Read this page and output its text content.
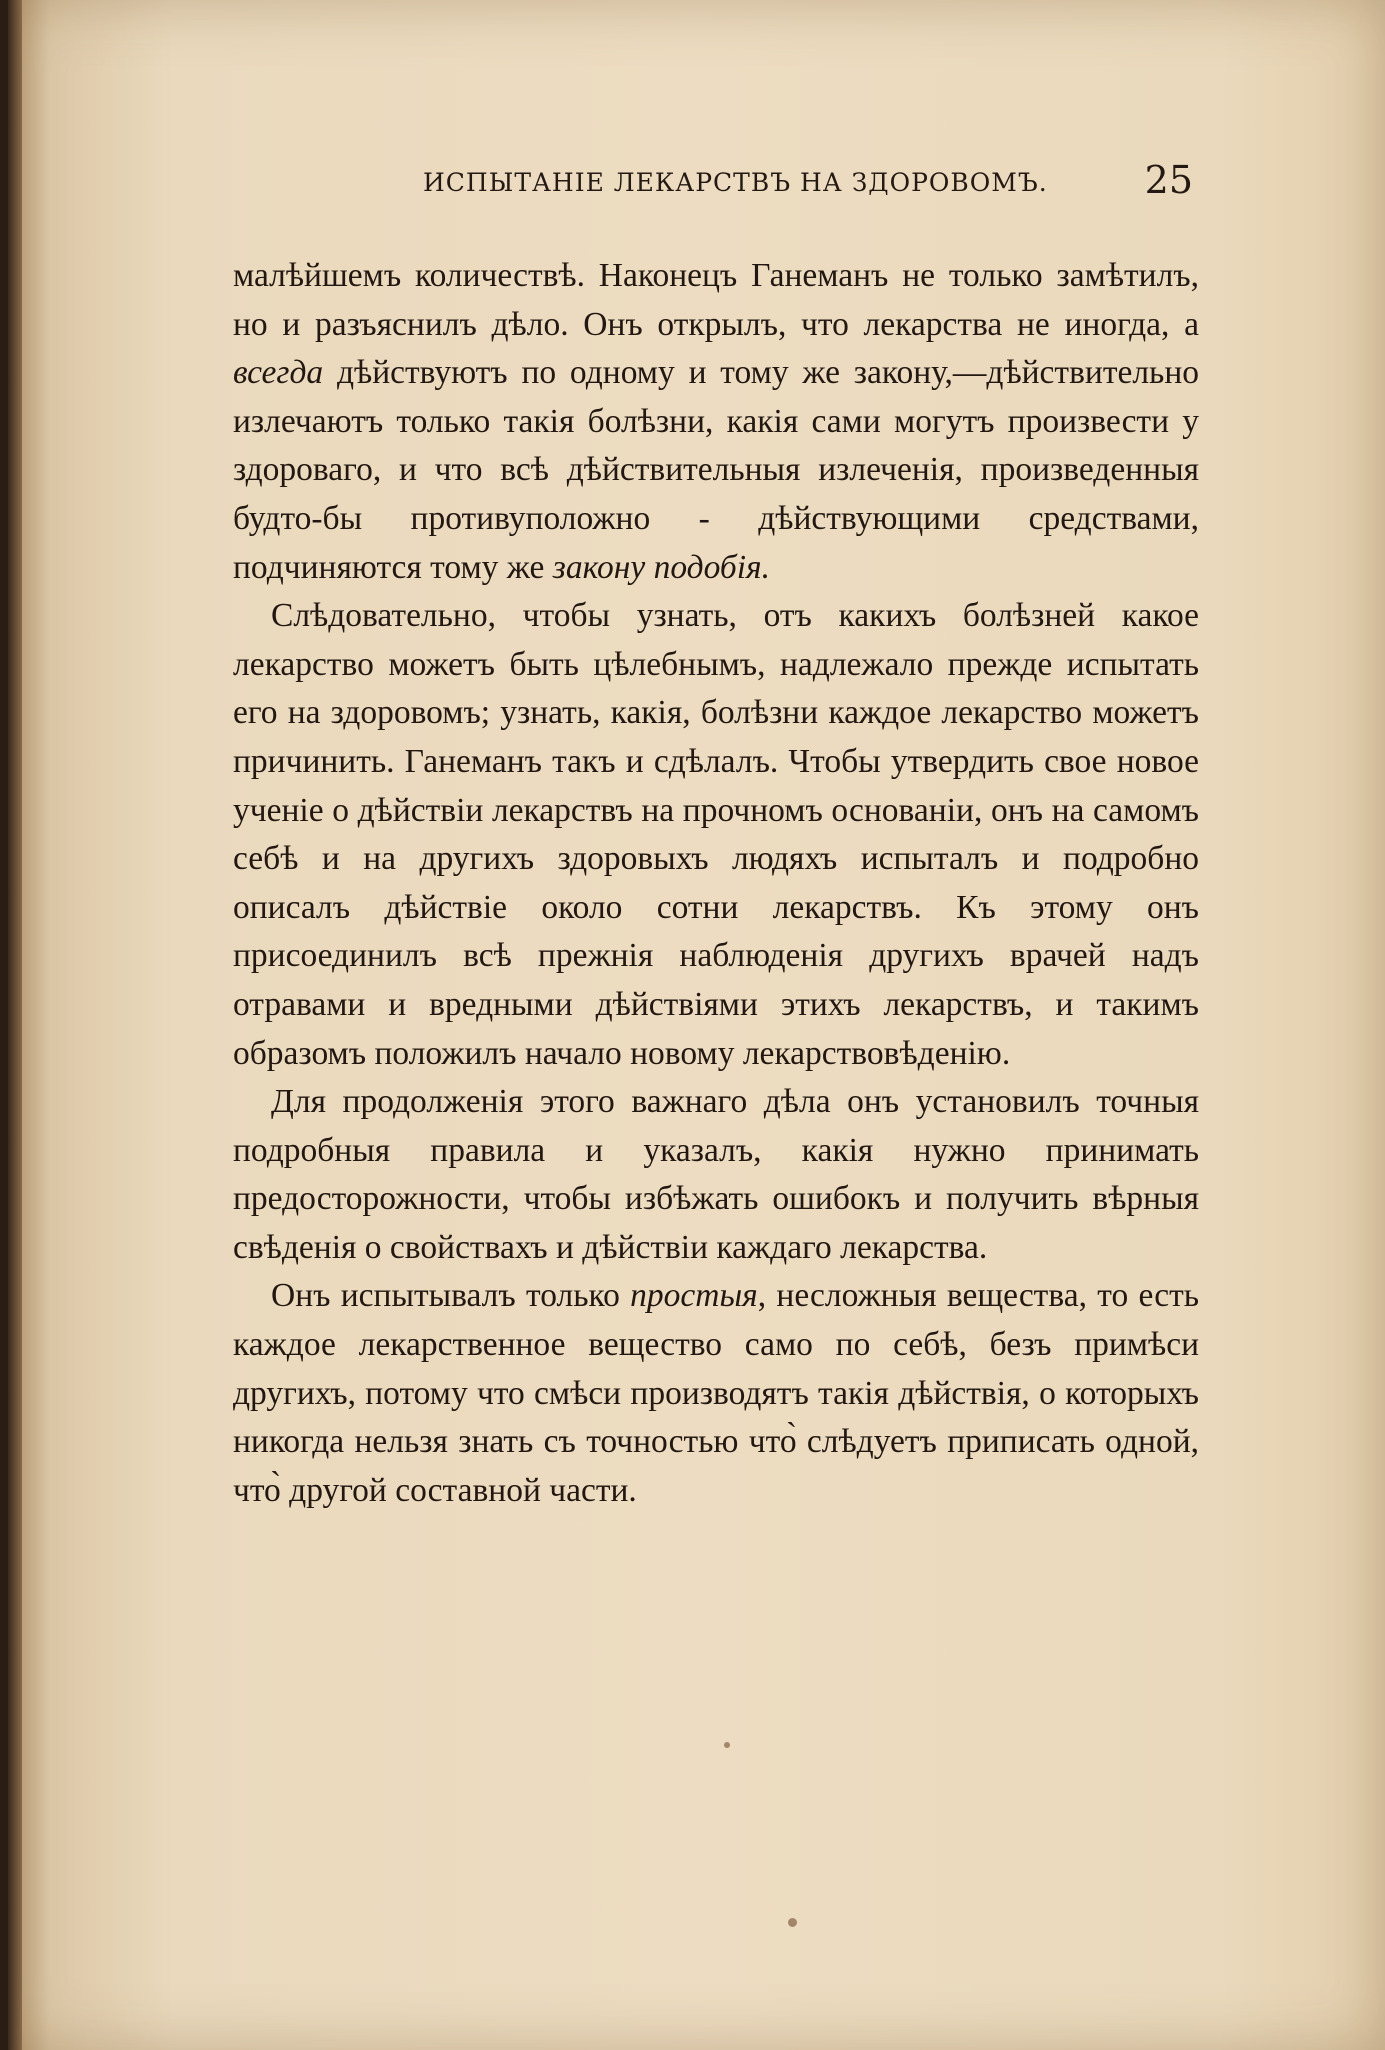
ИСПЫТАНІЕ ЛЕКАРСТВЪ НА ЗДОРОВОМЪ.	25

малѣйшемъ количествѣ. Наконецъ Ганеманъ не только замѣтилъ, но и разъяснилъ дѣло. Онъ открылъ, что лекарства не иногда, а всегда дѣйствуютъ по одному и тому же закону,—дѣйствительно излечаютъ только такія болѣзни, какія сами могутъ произвести у здороваго, и что всѣ дѣйствительныя излеченія, произведенныя будто-бы противуположно - дѣйствующими средствами, подчиняются тому же закону подобія.

Слѣдовательно, чтобы узнать, отъ какихъ болѣзней какое лекарство можетъ быть цѣлебнымъ, надлежало прежде испытать его на здоровомъ; узнать, какія, болѣзни каждое лекарство можетъ причинить. Ганеманъ такъ и сдѣлалъ. Чтобы утвердить свое новое ученіе о дѣйствіи лекарствъ на прочномъ основаніи, онъ на самомъ себѣ и на другихъ здоровыхъ людяхъ испыталъ и подробно описалъ дѣйствіе около сотни лекарствъ. Къ этому онъ присоединилъ всѣ прежнія наблюденія другихъ врачей надъ отравами и вредными дѣйствіями этихъ лекарствъ, и такимъ образомъ положилъ начало новому лекарствовѣденію.

Для продолженія этого важнаго дѣла онъ установилъ точныя подробныя правила и указалъ, какія нужно принимать предосторожности, чтобы избѣжать ошибокъ и получить вѣрныя свѣденія о свойствахъ и дѣйствіи каждаго лекарства.

Онъ испытывалъ только простыя, несложныя вещества, то есть каждое лекарственное вещество само по себѣ, безъ примѣси другихъ, потому что смѣси производятъ такія дѣйствія, о которыхъ никогда нельзя знать съ точностью что̀ слѣдуетъ приписать одной, что̀ другой составной части.
